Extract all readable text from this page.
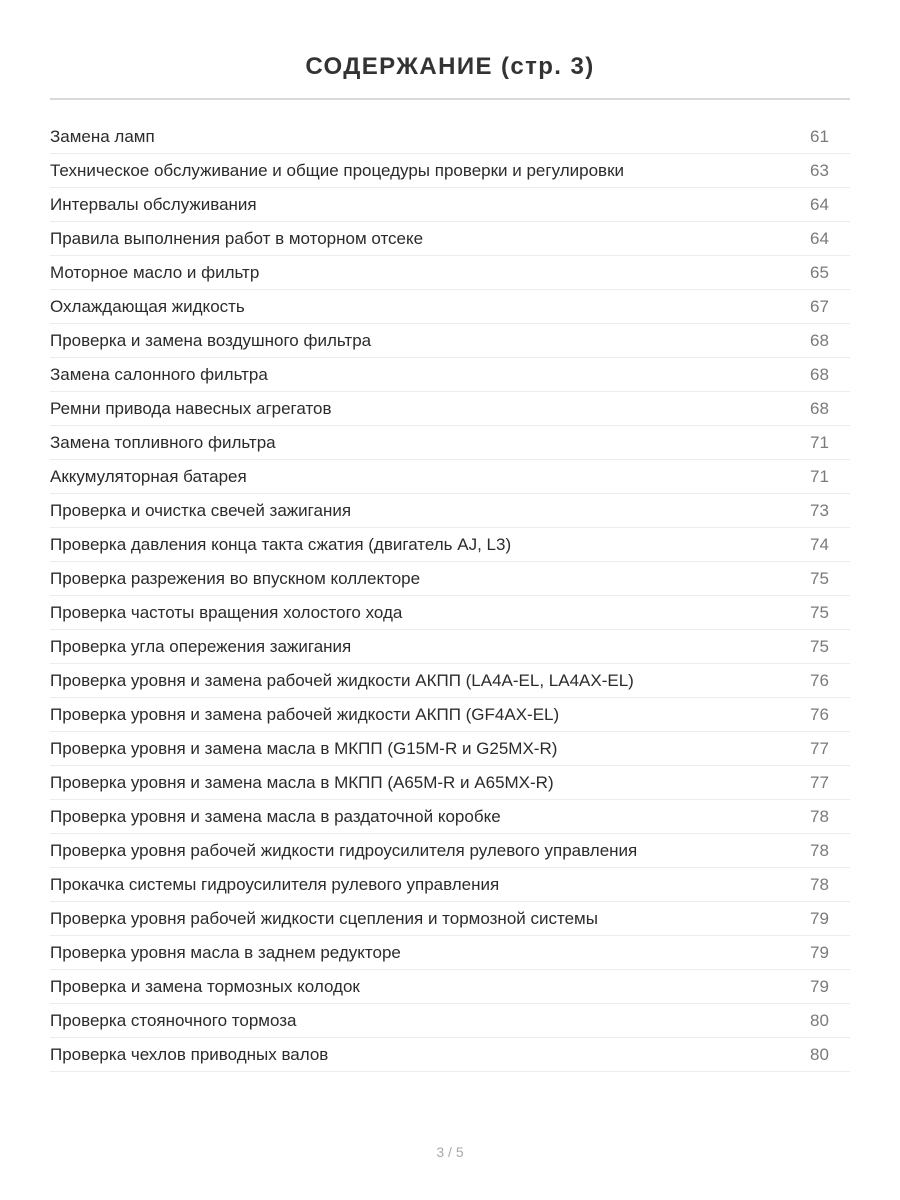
СОДЕРЖАНИЕ (стр. 3)
Замена ламп	61
Техническое обслуживание и общие процедуры проверки и регулировки	63
Интервалы обслуживания	64
Правила выполнения работ в моторном отсеке	64
Моторное масло и фильтр	65
Охлаждающая жидкость	67
Проверка и замена воздушного фильтра	68
Замена салонного фильтра	68
Ремни привода навесных агрегатов	68
Замена топливного фильтра	71
Аккумуляторная батарея	71
Проверка и очистка свечей зажигания	73
Проверка давления конца такта сжатия (двигатель AJ, L3)	74
Проверка разрежения во впускном коллекторе	75
Проверка частоты вращения холостого хода	75
Проверка угла опережения зажигания	75
Проверка уровня и замена рабочей жидкости АКПП (LA4A-EL, LA4AX-EL)	76
Проверка уровня и замена рабочей жидкости АКПП (GF4AX-EL)	76
Проверка уровня и замена масла в МКПП (G15M-R и G25MX-R)	77
Проверка уровня и замена масла в МКПП (A65M-R и A65MX-R)	77
Проверка уровня и замена масла в раздаточной коробке	78
Проверка уровня рабочей жидкости гидроусилителя рулевого управления	78
Прокачка системы гидроусилителя рулевого управления	78
Проверка уровня рабочей жидкости сцепления и тормозной системы	79
Проверка уровня масла в заднем редукторе	79
Проверка и замена тормозных колодок	79
Проверка стояночного тормоза	80
Проверка чехлов приводных валов	80
3 / 5
